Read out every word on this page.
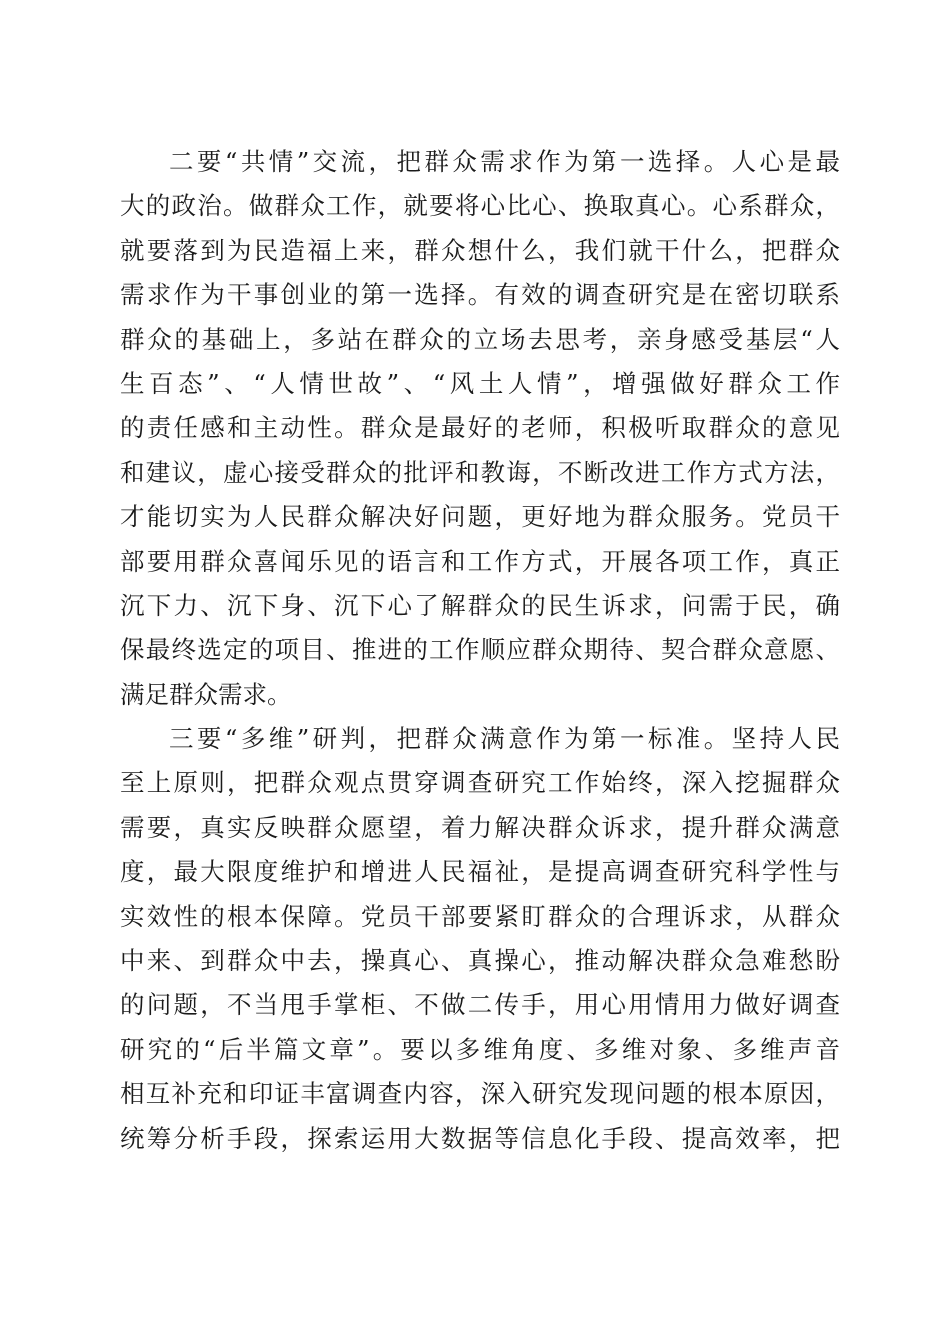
二要“共情”交流，把群众需求作为第一选择。人心是最
大的政治。做群众工作，就要将心比心、换取真心。心系群众，
就要落到为民造福上来，群众想什么，我们就干什么，把群众
需求作为干事创业的第一选择。有效的调查研究是在密切联系
群众的基础上，多站在群众的立场去思考，亲身感受基层“人
生百态”、“人情世故”、“风土人情”，增强做好群众工作
的责任感和主动性。群众是最好的老师，积极听取群众的意见
和建议，虚心接受群众的批评和教诲，不断改进工作方式方法，
才能切实为人民群众解决好问题，更好地为群众服务。党员干
部要用群众喜闻乐见的语言和工作方式，开展各项工作，真正
沉下力、沉下身、沉下心了解群众的民生诉求，问需于民，确
保最终选定的项目、推进的工作顺应群众期待、契合群众意愿、
满足群众需求。
三要“多维”研判，把群众满意作为第一标准。坚持人民
至上原则，把群众观点贯穿调查研究工作始终，深入挖掘群众
需要，真实反映群众愿望，着力解决群众诉求，提升群众满意
度，最大限度维护和增进人民福祉，是提高调查研究科学性与
实效性的根本保障。党员干部要紧盯群众的合理诉求，从群众
中来、到群众中去，操真心、真操心，推动解决群众急难愁盼
的问题，不当甩手掌柜、不做二传手，用心用情用力做好调查
研究的“后半篇文章”。要以多维角度、多维对象、多维声音
相互补充和印证丰富调查内容，深入研究发现问题的根本原因，
统筹分析手段，探索运用大数据等信息化手段、提高效率，把
